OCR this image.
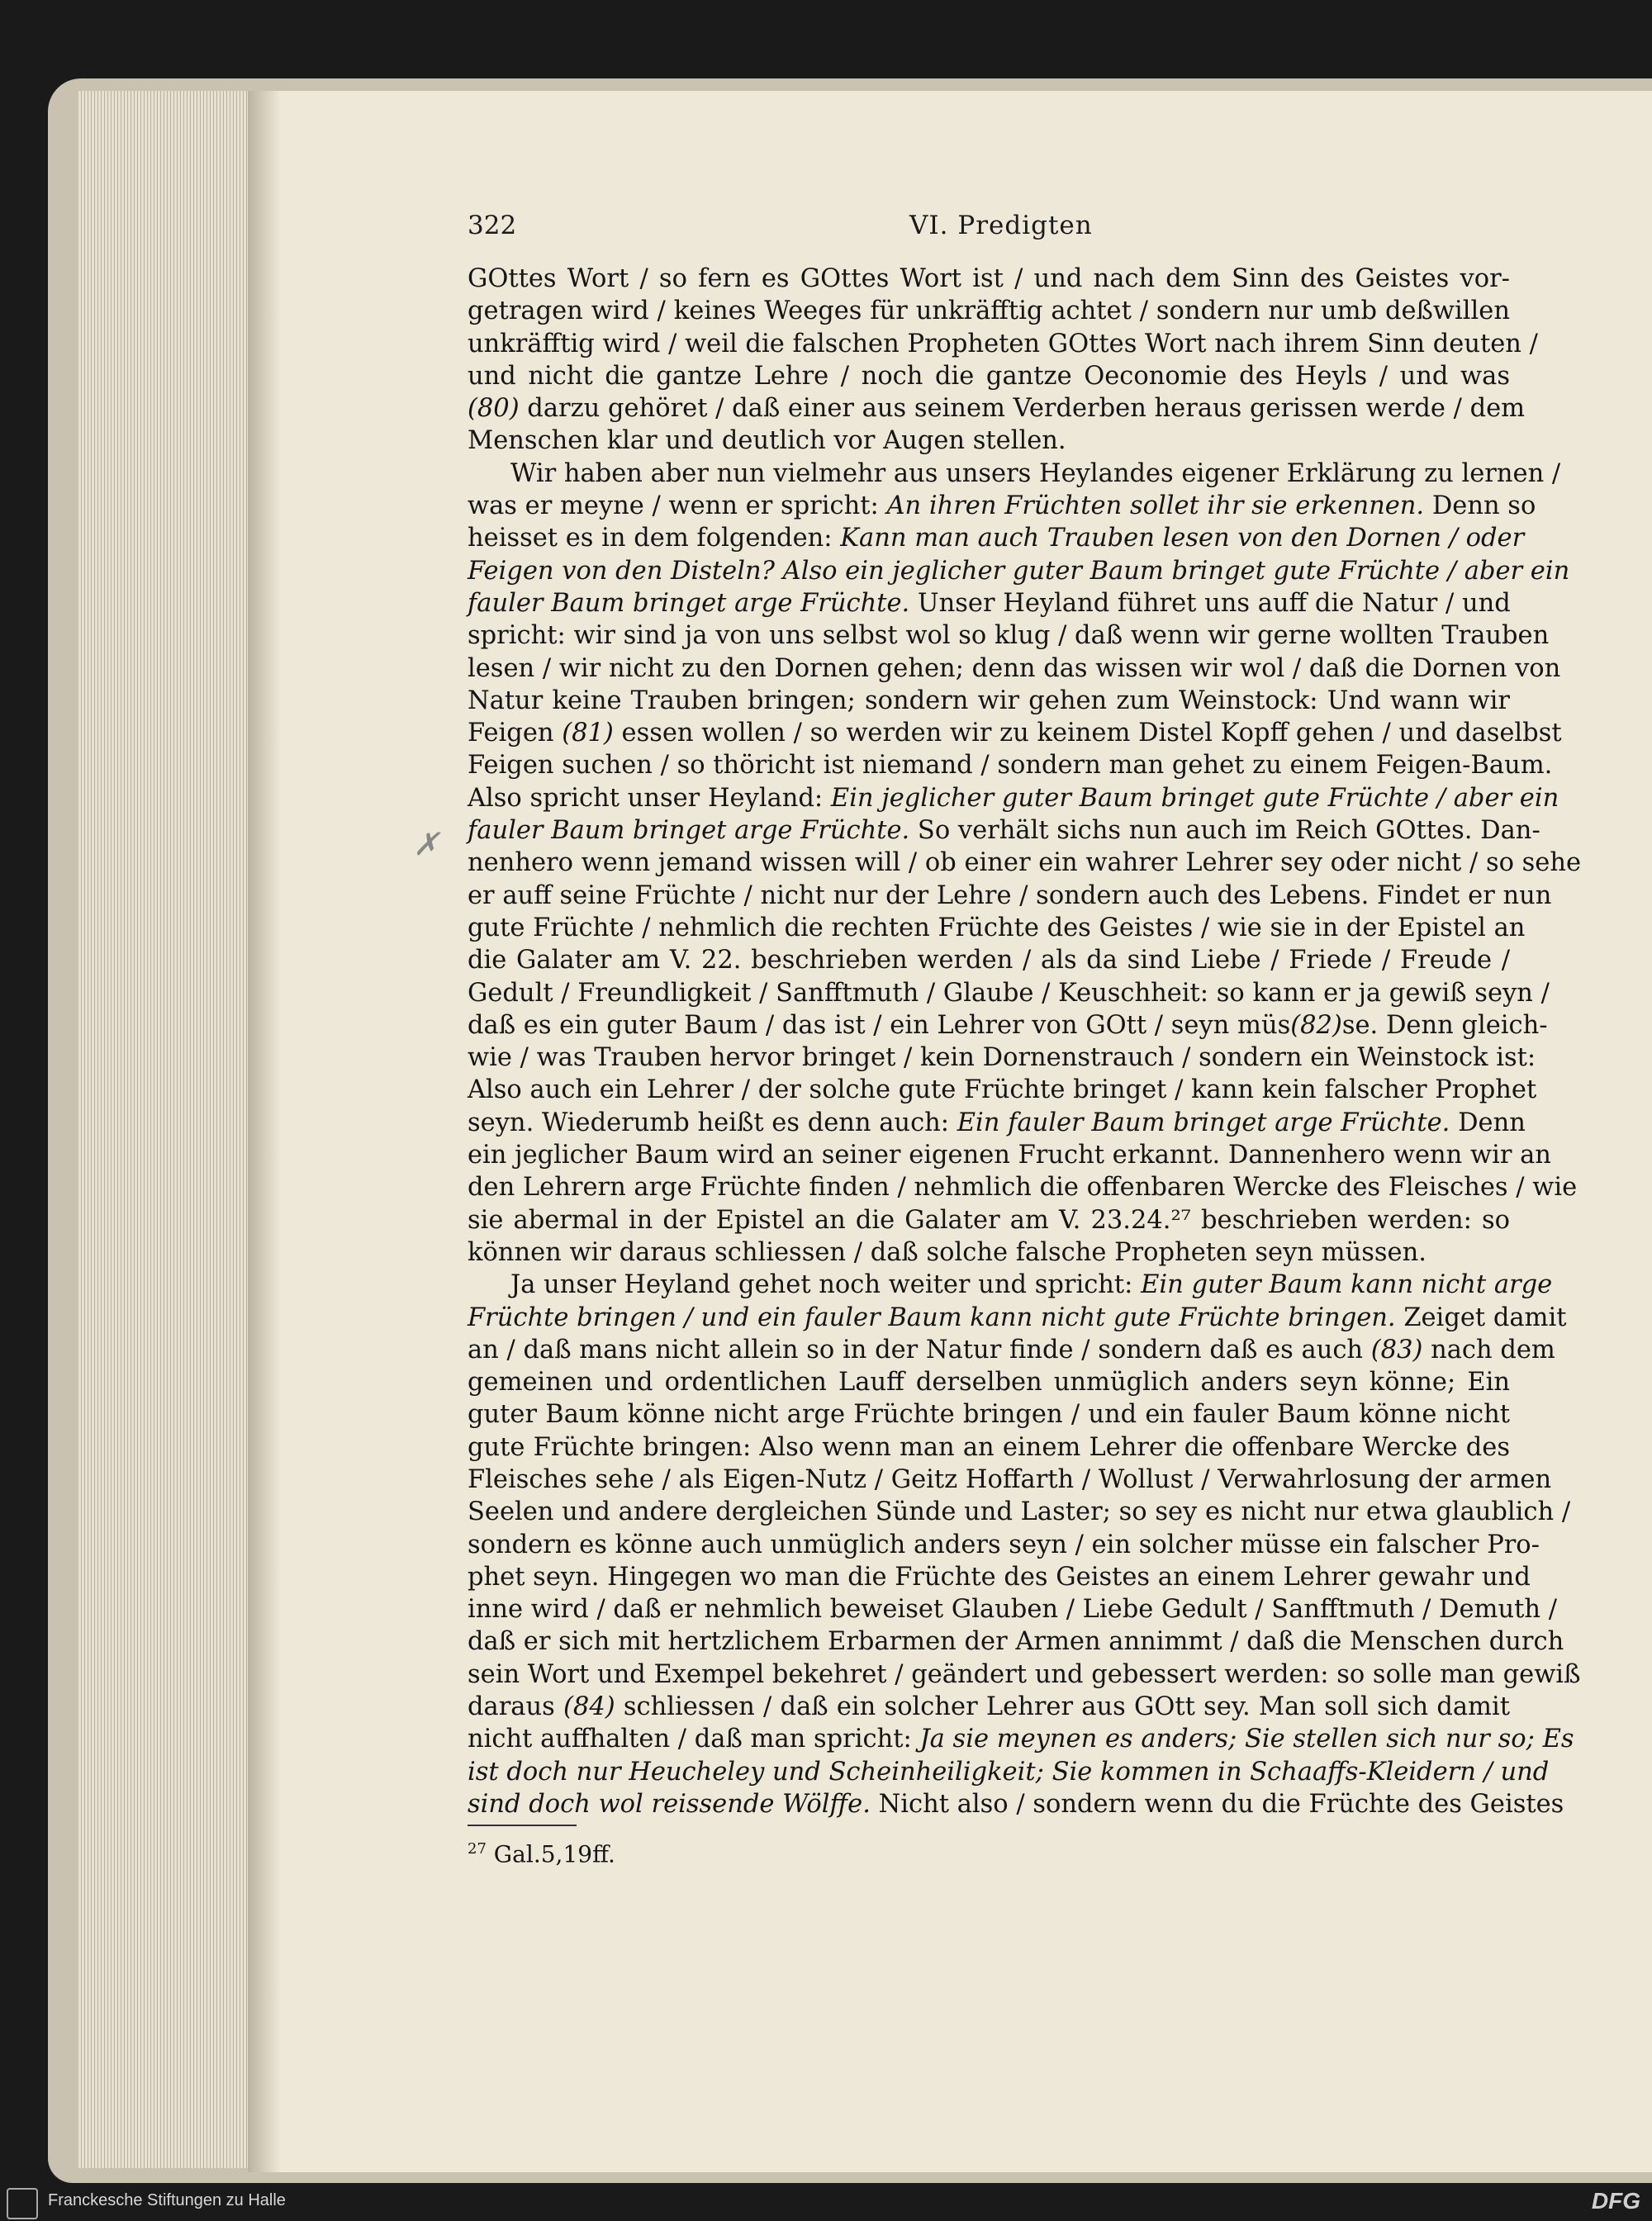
322	VI. Predigten
✗
GOttes Wort / so fern es GOttes Wort ist / und nach dem Sinn des Geistes vor-
getragen wird / keines Weeges für unkräfftig achtet / sondern nur umb deßwillen
unkräfftig wird / weil die falschen Propheten GOttes Wort nach ihrem Sinn deuten /
und nicht die gantze Lehre / noch die gantze Oeconomie des Heyls / und was
(80) darzu gehöret / daß einer aus seinem Verderben heraus gerissen werde / dem
Menschen klar und deutlich vor Augen stellen.
Wir haben aber nun vielmehr aus unsers Heylandes eigener Erklärung zu lernen /
was er meyne / wenn er spricht: An ihren Früchten sollet ihr sie erkennen. Denn so
heisset es in dem folgenden: Kann man auch Trauben lesen von den Dornen / oder
Feigen von den Disteln? Also ein jeglicher guter Baum bringet gute Früchte / aber ein
fauler Baum bringet arge Früchte. Unser Heyland führet uns auff die Natur / und
spricht: wir sind ja von uns selbst wol so klug / daß wenn wir gerne wollten Trauben
lesen / wir nicht zu den Dornen gehen; denn das wissen wir wol / daß die Dornen von
Natur keine Trauben bringen; sondern wir gehen zum Weinstock: Und wann wir
Feigen (81) essen wollen / so werden wir zu keinem Distel Kopff gehen / und daselbst
Feigen suchen / so thöricht ist niemand / sondern man gehet zu einem Feigen-Baum.
Also spricht unser Heyland: Ein jeglicher guter Baum bringet gute Früchte / aber ein
fauler Baum bringet arge Früchte. So verhält sichs nun auch im Reich GOttes. Dan-
nenhero wenn jemand wissen will / ob einer ein wahrer Lehrer sey oder nicht / so sehe
er auff seine Früchte / nicht nur der Lehre / sondern auch des Lebens. Findet er nun
gute Früchte / nehmlich die rechten Früchte des Geistes / wie sie in der Epistel an
die Galater am V. 22. beschrieben werden / als da sind Liebe / Friede / Freude /
Gedult / Freundligkeit / Sanfftmuth / Glaube / Keuschheit: so kann er ja gewiß seyn /
daß es ein guter Baum / das ist / ein Lehrer von GOtt / seyn müs(82)se. Denn gleich-
wie / was Trauben hervor bringet / kein Dornenstrauch / sondern ein Weinstock ist:
Also auch ein Lehrer / der solche gute Früchte bringet / kann kein falscher Prophet
seyn. Wiederumb heißt es denn auch: Ein fauler Baum bringet arge Früchte. Denn
ein jeglicher Baum wird an seiner eigenen Frucht erkannt. Dannenhero wenn wir an
den Lehrern arge Früchte finden / nehmlich die offenbaren Wercke des Fleisches / wie
sie abermal in der Epistel an die Galater am V. 23.24.²⁷ beschrieben werden: so
können wir daraus schliessen / daß solche falsche Propheten seyn müssen.
Ja unser Heyland gehet noch weiter und spricht: Ein guter Baum kann nicht arge
Früchte bringen / und ein fauler Baum kann nicht gute Früchte bringen. Zeiget damit
an / daß mans nicht allein so in der Natur finde / sondern daß es auch (83) nach dem
gemeinen und ordentlichen Lauff derselben unmüglich anders seyn könne; Ein
guter Baum könne nicht arge Früchte bringen / und ein fauler Baum könne nicht
gute Früchte bringen: Also wenn man an einem Lehrer die offenbare Wercke des
Fleisches sehe / als Eigen-Nutz / Geitz Hoffarth / Wollust / Verwahrlosung der armen
Seelen und andere dergleichen Sünde und Laster; so sey es nicht nur etwa glaublich /
sondern es könne auch unmüglich anders seyn / ein solcher müsse ein falscher Pro-
phet seyn. Hingegen wo man die Früchte des Geistes an einem Lehrer gewahr und
inne wird / daß er nehmlich beweiset Glauben / Liebe Gedult / Sanfftmuth / Demuth /
daß er sich mit hertzlichem Erbarmen der Armen annimmt / daß die Menschen durch
sein Wort und Exempel bekehret / geändert und gebessert werden: so solle man gewiß
daraus (84) schliessen / daß ein solcher Lehrer aus GOtt sey. Man soll sich damit
nicht auffhalten / daß man spricht: Ja sie meynen es anders; Sie stellen sich nur so; Es
ist doch nur Heucheley und Scheinheiligkeit; Sie kommen in Schaaffs-Kleidern / und
sind doch wol reissende Wölffe. Nicht also / sondern wenn du die Früchte des Geistes
$^{27}$ Gal.5,19ff.
Franckesche Stiftungen zu Halle	DFG
